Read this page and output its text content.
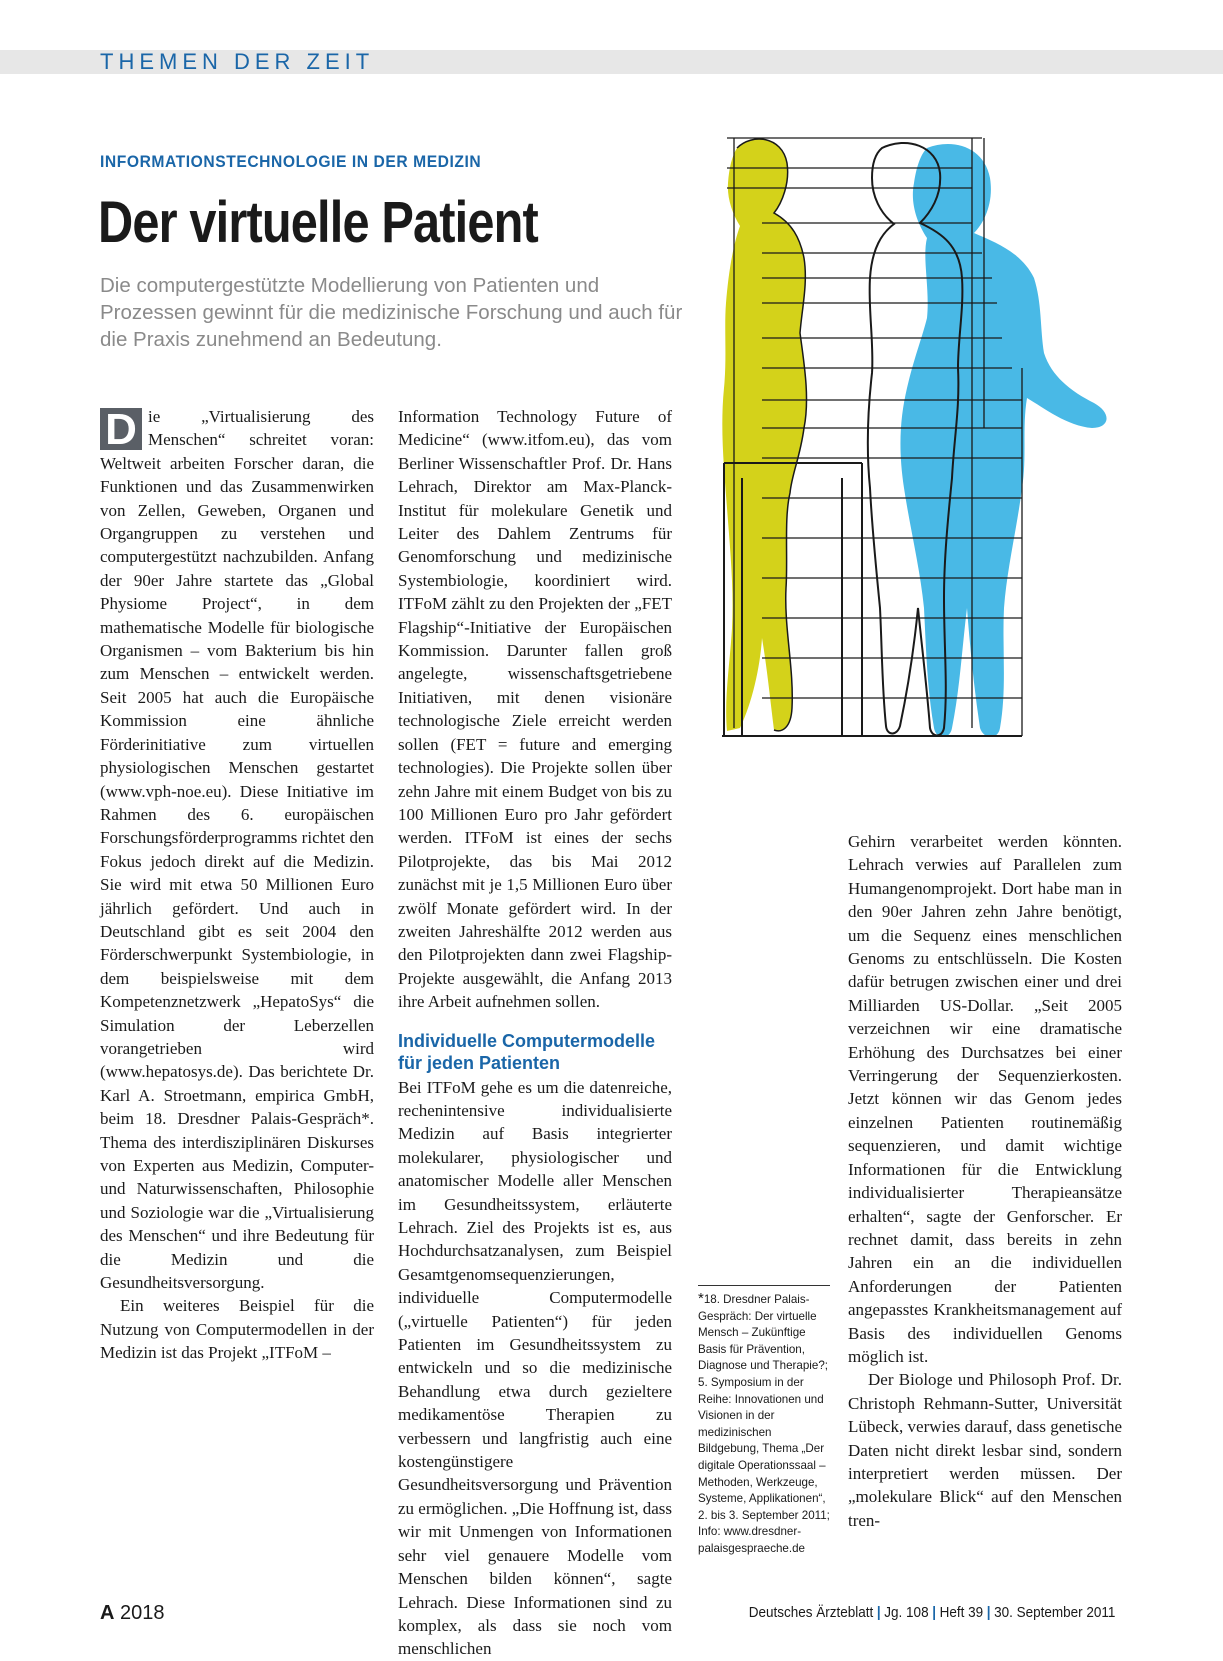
THEMEN DER ZEIT
INFORMATIONSTECHNOLOGIE IN DER MEDIZIN
Der virtuelle Patient
Die computergestützte Modellierung von Patienten und Prozessen gewinnt für die medizinische Forschung und auch für die Praxis zunehmend an Bedeutung.

D ie „Virtualisierung des Menschen“ schreitet voran: Weltweit arbeiten Forscher daran, die Funktionen und das Zusammenwirken von Zellen, Geweben, Organen und Organgruppen zu verstehen und computergestützt nachzubilden. Anfang der 90er Jahre startete das „Global Physiome Project“, in dem mathematische Modelle für biologische Organismen – vom Bakterium bis hin zum Menschen – entwickelt werden. Seit 2005 hat auch die Europäische Kommission eine ähnliche Förderinitiative zum virtuellen physiologischen Menschen gestartet (www.vph-noe.eu). Diese Initiative im Rahmen des 6. europäischen Forschungsförderprogramms richtet den Fokus jedoch direkt auf die Medizin. Sie wird mit etwa 50 Millionen Euro jährlich gefördert. Und auch in Deutschland gibt es seit 2004 den Förderschwerpunkt Systembiologie, in dem beispielsweise mit dem Kompetenznetzwerk „HepatoSys“ die Simulation der Leberzellen vorangetrieben wird (www.hepatosys.de). Das berichtete Dr. Karl A. Stroetmann, empirica GmbH, beim 18. Dresdner Palais-Gespräch*. Thema des interdisziplinären Diskurses von Experten aus Medizin, Computer- und Naturwissenschaften, Philosophie und Soziologie war die „Virtualisierung des Menschen“ und ihre Bedeutung für die Medizin und die Gesundheitsversorgung.

Ein weiteres Beispiel für die Nutzung von Computermodellen in der Medizin ist das Projekt „ITFoM –

Information Technology Future of Medicine“ (www.itfom.eu), das vom Berliner Wissenschaftler Prof. Dr. Hans Lehrach, Direktor am Max-Planck-Institut für molekulare Genetik und Leiter des Dahlem Zentrums für Genomforschung und medizinische Systembiologie, koordiniert wird. ITFoM zählt zu den Projekten der „FET Flagship“-Initiative der Europäischen Kommission. Darunter fallen groß angelegte, wissenschaftsgetriebene Initiativen, mit denen visionäre technologische Ziele erreicht werden sollen (FET = future and emerging technologies). Die Projekte sollen über zehn Jahre mit einem Budget von bis zu 100 Millionen Euro pro Jahr gefördert werden. ITFoM ist eines der sechs Pilotprojekte, das bis Mai 2012 zunächst mit je 1,5 Millionen Euro über zwölf Monate gefördert wird. In der zweiten Jahreshälfte 2012 werden aus den Pilotprojekten dann zwei Flagship-Projekte ausgewählt, die Anfang 2013 ihre Arbeit aufnehmen sollen.

Individuelle Computermodelle für jeden Patienten

Bei ITFoM gehe es um die datenreiche, rechenintensive individualisierte Medizin auf Basis integrierter molekularer, physiologischer und anatomischer Modelle aller Menschen im Gesundheitssystem, erläuterte Lehrach. Ziel des Projekts ist es, aus Hochdurchsatzanalysen, zum Beispiel Gesamtgenomsequenzierungen, individuelle Computermodelle („virtuelle Patienten“) für jeden Patienten im Gesundheitssystem zu entwickeln und so die medizinische Behandlung etwa durch gezieltere medikamentöse Therapien zu verbessern und langfristig auch eine kostengünstigere Gesundheitsversorgung und Prävention zu ermöglichen. „Die Hoffnung ist, dass wir mit Unmengen von Informationen sehr viel genauere Modelle vom Menschen bilden können“, sagte Lehrach. Diese Informationen sind zu komplex, als dass sie noch vom menschlichen

Gehirn verarbeitet werden könnten. Lehrach verwies auf Parallelen zum Humangenomprojekt. Dort habe man in den 90er Jahren zehn Jahre benötigt, um die Sequenz eines menschlichen Genoms zu entschlüsseln. Die Kosten dafür betrugen zwischen einer und drei Milliarden US-Dollar. „Seit 2005 verzeichnen wir eine dramatische Erhöhung des Durchsatzes bei einer Verringerung der Sequenzierkosten. Jetzt können wir das Genom jedes einzelnen Patienten routinemäßig sequenzieren, und damit wichtige Informationen für die Entwicklung individualisierter Therapieansätze erhalten“, sagte der Genforscher. Er rechnet damit, dass bereits in zehn Jahren ein an die individuellen Anforderungen der Patienten angepasstes Krankheitsmanagement auf Basis des individuellen Genoms möglich ist.

Der Biologe und Philosoph Prof. Dr. Christoph Rehmann-Sutter, Universität Lübeck, verwies darauf, dass genetische Daten nicht direkt lesbar sind, sondern interpretiert werden müssen. Der „molekulare Blick“ auf den Menschen tren-

*18. Dresdner Palais-Gespräch: Der virtuelle Mensch – Zukünftige Basis für Prävention, Diagnose und Therapie?; 5. Symposium in der Reihe: Innovationen und Visionen in der medizinischen Bildgebung, Thema „Der digitale Operationssaal – Methoden, Werkzeuge, Systeme, Applikationen“, 2. bis 3. September 2011; Info: www.dresdner-palaisgespraeche.de
A 2018	Deutsches Ärzteblatt | Jg. 108 | Heft 39 | 30. September 2011
